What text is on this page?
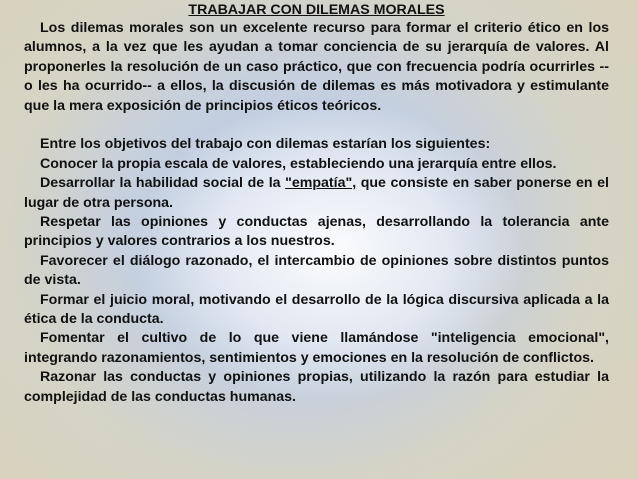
TRABAJAR CON DILEMAS MORALES

Los dilemas morales son un excelente recurso para formar el criterio ético en los alumnos, a la vez que les ayudan a tomar conciencia de su jerarquía de valores. Al proponerles la resolución de un caso práctico, que con frecuencia podría ocurrirles --o les ha ocurrido-- a ellos, la discusión de dilemas es más motivadora y estimulante que la mera exposición de principios éticos teóricos.

Entre los objetivos del trabajo con dilemas estarían los siguientes:

Conocer la propia escala de valores, estableciendo una jerarquía entre ellos.

Desarrollar la habilidad social de la "empatía", que consiste en saber ponerse en el lugar de otra persona.

Respetar las opiniones y conductas ajenas, desarrollando la tolerancia ante principios y valores contrarios a los nuestros.

Favorecer el diálogo razonado, el intercambio de opiniones sobre distintos puntos de vista.

Formar el juicio moral, motivando el desarrollo de la lógica discursiva aplicada a la ética de la conducta.

Fomentar el cultivo de lo que viene llamándose "inteligencia emocional", integrando razonamientos, sentimientos y emociones en la resolución de conflictos.

Razonar las conductas y opiniones propias, utilizando la razón para estudiar la complejidad de las conductas humanas.
